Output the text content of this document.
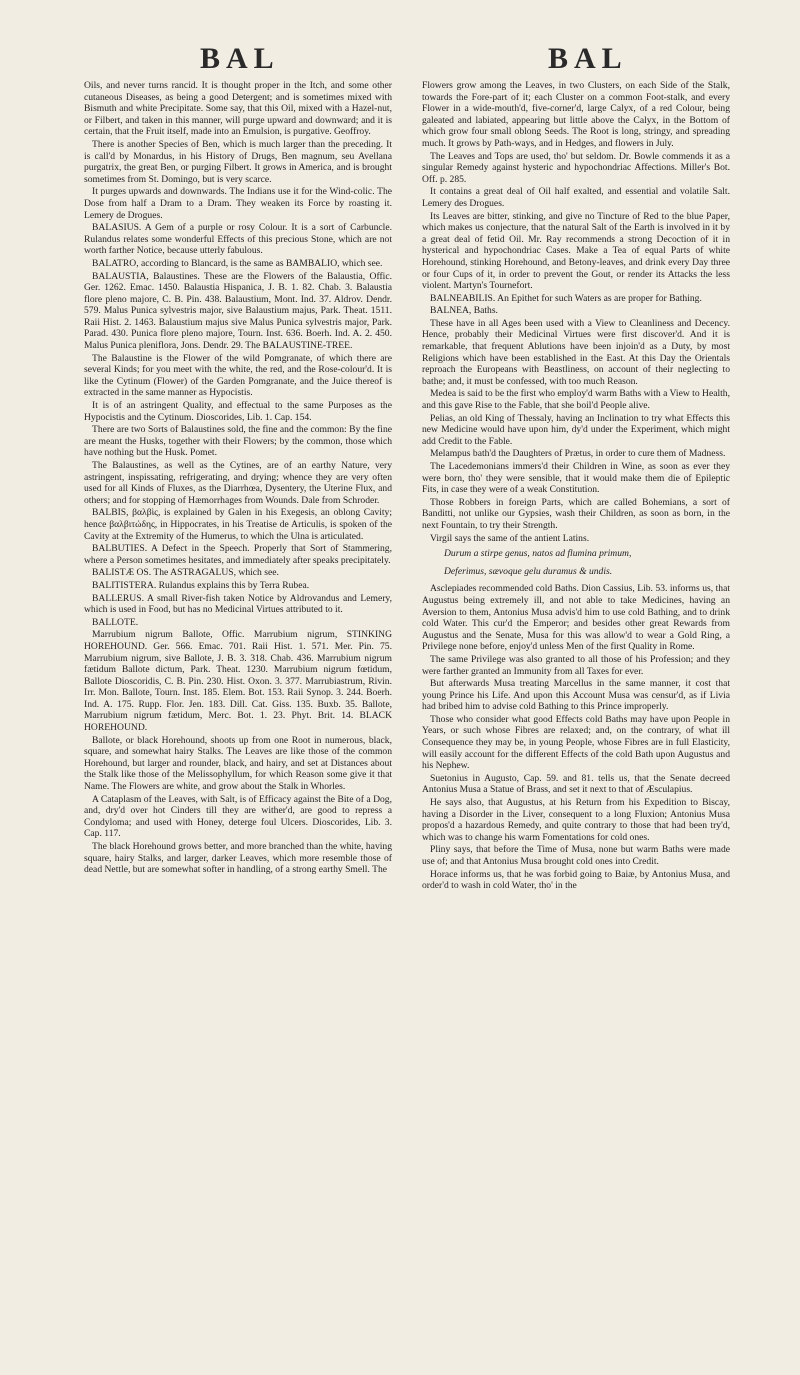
BAL	BAL

Oils, and never turns rancid. It is thought proper in the Itch, and some other cutaneous Diseases, as being a good Detergent; and is sometimes mixed with Bismuth and white Precipitate. Some say, that this Oil, mixed with a Hazel-nut, or Filbert, and taken in this manner, will purge upward and downward; and it is certain, that the Fruit itself, made into an Emulsion, is purgative. Geoffroy.

There is another Species of Ben, which is much larger than the preceding. It is call'd by Monardus, in his History of Drugs, Ben magnum, seu Avellana purgatrix, the great Ben, or purging Filbert. It grows in America, and is brought sometimes from St. Domingo, but is very scarce.

It purges upwards and downwards. The Indians use it for the Wind-colic. The Dose from half a Dram to a Dram. They weaken its Force by roasting it. Lemery de Drogues.

BALASIUS. A Gem of a purple or rosy Colour. It is a sort of Carbuncle. Rulandus relates some wonderful Effects of this precious Stone, which are not worth farther Notice, because utterly fabulous.

BALATRO, according to Blancard, is the same as BAMBALIO, which see.

BALAUSTIA, Balaustines. These are the Flowers of the Balaustia, Offic. Ger. 1262. Emac. 1450. Balaustia Hispanica, J. B. 1. 82. Chab. 3. Balaustia flore pleno majore, C. B. Pin. 438. Balaustium, Mont. Ind. 37. Aldrov. Dendr. 579. Malus Punica sylvestris major, sive Balaustium majus, Park. Theat. 1511. Raii Hist. 2. 1463. Balaustium majus sive Malus Punica sylvestris major, Park. Parad. 430. Punica flore pleno majore, Tourn. Inst. 636. Boerh. Ind. A. 2. 450. Malus Punica pleniflora, Jons. Dendr. 29. The BALAUSTINE-TREE.

The Balaustine is the Flower of the wild Pomgranate, of which there are several Kinds; for you meet with the white, the red, and the Rose-colour'd. It is like the Cytinum (Flower) of the Garden Pomgranate, and the Juice thereof is extracted in the same manner as Hypocistis.

It is of an astringent Quality, and effectual to the same Purposes as the Hypocistis and the Cytinum. Dioscorides, Lib. 1. Cap. 154.

There are two Sorts of Balaustines sold, the fine and the common: By the fine are meant the Husks, together with their Flowers; by the common, those which have nothing but the Husk. Pomet.

The Balaustines, as well as the Cytines, are of an earthy Nature, very astringent, inspissating, refrigerating, and drying; whence they are very often used for all Kinds of Fluxes, as the Diarrhœa, Dysentery, the Uterine Flux, and others; and for stopping of Hæmorrhages from Wounds. Dale from Schroder.

BALBIS, βαλβὶς, is explained by Galen in his Exegesis, an oblong Cavity; hence βαλβιτώδης, in Hippocrates, in his Treatise de Articulis, is spoken of the Cavity at the Extremity of the Humerus, to which the Ulna is articulated.

BALBUTIES. A Defect in the Speech. Properly that Sort of Stammering, where a Person sometimes hesitates, and immediately after speaks precipitately.

BALISTÆ OS. The ASTRAGALUS, which see.

BALITISTERA. Rulandus explains this by Terra Rubea.

BALLERUS. A small River-fish taken Notice by Aldrovandus and Lemery, which is used in Food, but has no Medicinal Virtues attributed to it.

BALLOTE.

Marrubium nigrum Ballote, Offic. Marrubium nigrum, STINKING HOREHOUND. Ger. 566. Emac. 701. Raii Hist. 1. 571. Mer. Pin. 75. Marrubium nigrum, sive Ballote, J. B. 3. 318. Chab. 436. Marrubium nigrum fætidum Ballote dictum, Park. Theat. 1230. Marrubium nigrum fœtidum, Ballote Dioscoridis, C. B. Pin. 230. Hist. Oxon. 3. 377. Marrubiastrum, Rivin. Irr. Mon. Ballote, Tourn. Inst. 185. Elem. Bot. 153. Raii Synop. 3. 244. Boerh. Ind. A. 175. Rupp. Flor. Jen. 183. Dill. Cat. Giss. 135. Buxb. 35. Ballote, Marrubium nigrum fætidum, Merc. Bot. 1. 23. Phyt. Brit. 14. BLACK HOREHOUND.

Ballote, or black Horehound, shoots up from one Root in numerous, black, square, and somewhat hairy Stalks. The Leaves are like those of the common Horehound, but larger and rounder, black, and hairy, and set at Distances about the Stalk like those of the Melissophyllum, for which Reason some give it that Name. The Flowers are white, and grow about the Stalk in Whorles.

A Cataplasm of the Leaves, with Salt, is of Efficacy against the Bite of a Dog, and, dry'd over hot Cinders till they are wither'd, are good to repress a Condyloma; and used with Honey, deterge foul Ulcers. Dioscorides, Lib. 3. Cap. 117.

The black Horehound grows better, and more branched than the white, having square, hairy Stalks, and larger, darker Leaves, which more resemble those of dead Nettle, but are somewhat softer in handling, of a strong earthy Smell. The

Flowers grow among the Leaves, in two Clusters, on each Side of the Stalk, towards the Fore-part of it; each Cluster on a common Foot-stalk, and every Flower in a wide-mouth'd, five-corner'd, large Calyx, of a red Colour, being galeated and labiated, appearing but little above the Calyx, in the Bottom of which grow four small oblong Seeds. The Root is long, stringy, and spreading much. It grows by Path-ways, and in Hedges, and flowers in July.

The Leaves and Tops are used, tho' but seldom. Dr. Bowle commends it as a singular Remedy against hysteric and hypochondriac Affections. Miller's Bot. Off. p. 285.

It contains a great deal of Oil half exalted, and essential and volatile Salt. Lemery des Drogues.

Its Leaves are bitter, stinking, and give no Tincture of Red to the blue Paper, which makes us conjecture, that the natural Salt of the Earth is involved in it by a great deal of fetid Oil. Mr. Ray recommends a strong Decoction of it in hysterical and hypochondriac Cases. Make a Tea of equal Parts of white Horehound, stinking Horehound, and Betony-leaves, and drink every Day three or four Cups of it, in order to prevent the Gout, or render its Attacks the less violent. Martyn's Tournefort.

BALNEABILIS. An Epithet for such Waters as are proper for Bathing.

BALNEA, Baths.

These have in all Ages been used with a View to Cleanliness and Decency. Hence, probably their Medicinal Virtues were first discover'd. And it is remarkable, that frequent Ablutions have been injoin'd as a Duty, by most Religions which have been established in the East. At this Day the Orientals reproach the Europeans with Beastliness, on account of their neglecting to bathe; and, it must be confessed, with too much Reason.

Medea is said to be the first who employ'd warm Baths with a View to Health, and this gave Rise to the Fable, that she boil'd People alive.

Pelias, an old King of Thessaly, having an Inclination to try what Effects this new Medicine would have upon him, dy'd under the Experiment, which might add Credit to the Fable.

Melampus bath'd the Daughters of Prætus, in order to cure them of Madness.

The Lacedemonians immers'd their Children in Wine, as soon as ever they were born, tho' they were sensible, that it would make them die of Epileptic Fits, in case they were of a weak Constitution.

Those Robbers in foreign Parts, which are called Bohemians, a sort of Banditti, not unlike our Gypsies, wash their Children, as soon as born, in the next Fountain, to try their Strength.

Virgil says the same of the antient Latins.

Durum a stirpe genus, natos ad flumina primum,

Deferimus, sævoque gelu duramus & undis.

Asclepiades recommended cold Baths. Dion Cassius, Lib. 53. informs us, that Augustus being extremely ill, and not able to take Medicines, having an Aversion to them, Antonius Musa advis'd him to use cold Bathing, and to drink cold Water. This cur'd the Emperor; and besides other great Rewards from Augustus and the Senate, Musa for this was allow'd to wear a Gold Ring, a Privilege none before, enjoy'd unless Men of the first Quality in Rome.

The same Privilege was also granted to all those of his Profession; and they were farther granted an Immunity from all Taxes for ever.

But afterwards Musa treating Marcellus in the same manner, it cost that young Prince his Life. And upon this Account Musa was censur'd, as if Livia had bribed him to advise cold Bathing to this Prince improperly.

Those who consider what good Effects cold Baths may have upon People in Years, or such whose Fibres are relaxed; and, on the contrary, of what ill Consequence they may be, in young People, whose Fibres are in full Elasticity, will easily account for the different Effects of the cold Bath upon Augustus and his Nephew.

Suetonius in Augusto, Cap. 59. and 81. tells us, that the Senate decreed Antonius Musa a Statue of Brass, and set it next to that of Æsculapius.

He says also, that Augustus, at his Return from his Expedition to Biscay, having a Disorder in the Liver, consequent to a long Fluxion; Antonius Musa propos'd a hazardous Remedy, and quite contrary to those that had been try'd, which was to change his warm Fomentations for cold ones.

Pliny says, that before the Time of Musa, none but warm Baths were made use of; and that Antonius Musa brought cold ones into Credit.

Horace informs us, that he was forbid going to Baiæ, by Antonius Musa, and order'd to wash in cold Water, tho' in the
